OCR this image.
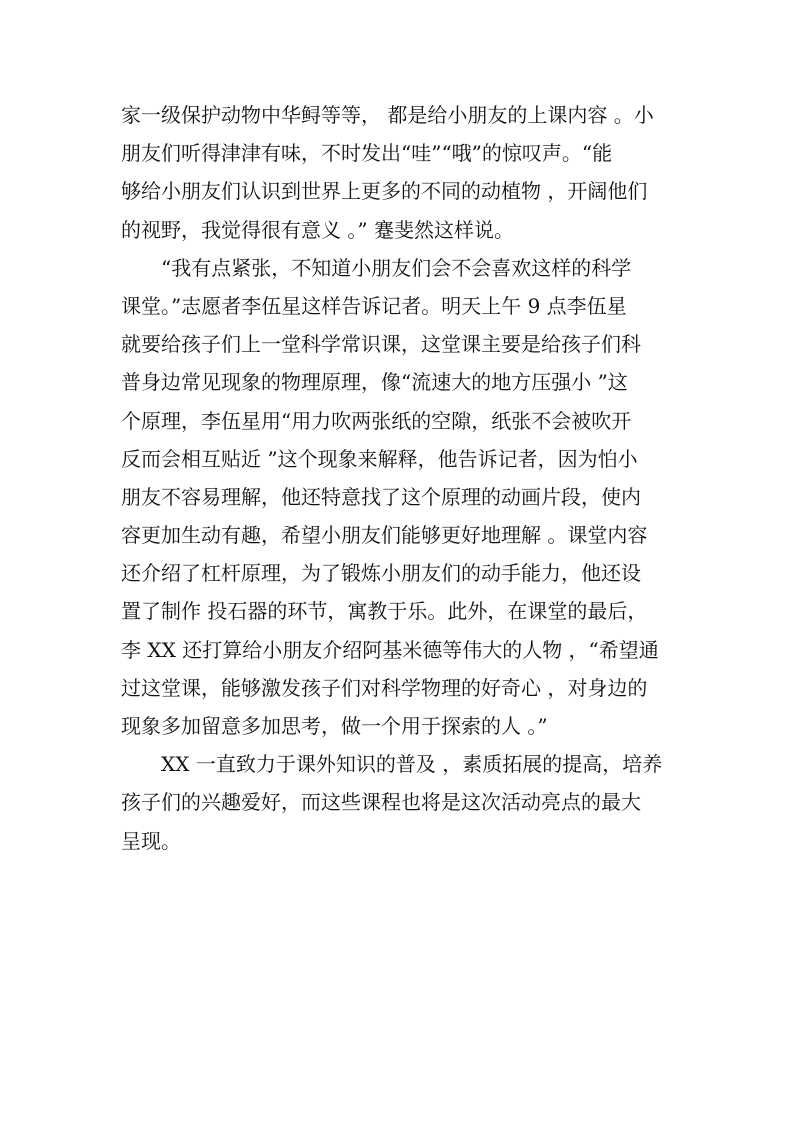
家一级保护动物中华鲟等等， 都是给小朋友的上课内容 。小
朋友们听得津津有味，不时发出“哇”“哦”的惊叹声。“能
够给小朋友们认识到世界上更多的不同的动植物 ，开阔他们
的视野，我觉得很有意义 。” 蹇斐然这样说。
“我有点紧张，不知道小朋友们会不会喜欢这样的科学
课堂。”志愿者李伍星这样告诉记者。明天上午 9 点李伍星
就要给孩子们上一堂科学常识课，这堂课主要是给孩子们科
普身边常见现象的物理原理，像“流速大的地方压强小 ”这
个原理，李伍星用“用力吹两张纸的空隙，纸张不会被吹开
反而会相互贴近 ”这个现象来解释，他告诉记者，因为怕小
朋友不容易理解，他还特意找了这个原理的动画片段，使内
容更加生动有趣，希望小朋友们能够更好地理解 。课堂内容
还介绍了杠杆原理，为了锻炼小朋友们的动手能力，他还设
置了制作 投石器的环节，寓教于乐。此外，在课堂的最后，
李 XX 还打算给小朋友介绍阿基米德等伟大的人物 ，“希望通
过这堂课，能够激发孩子们对科学物理的好奇心 ，对身边的
现象多加留意多加思考，做一个用于探索的人 。”
XX 一直致力于课外知识的普及 ，素质拓展的提高，培养
孩子们的兴趣爱好，而这些课程也将是这次活动亮点的最大
呈现。
